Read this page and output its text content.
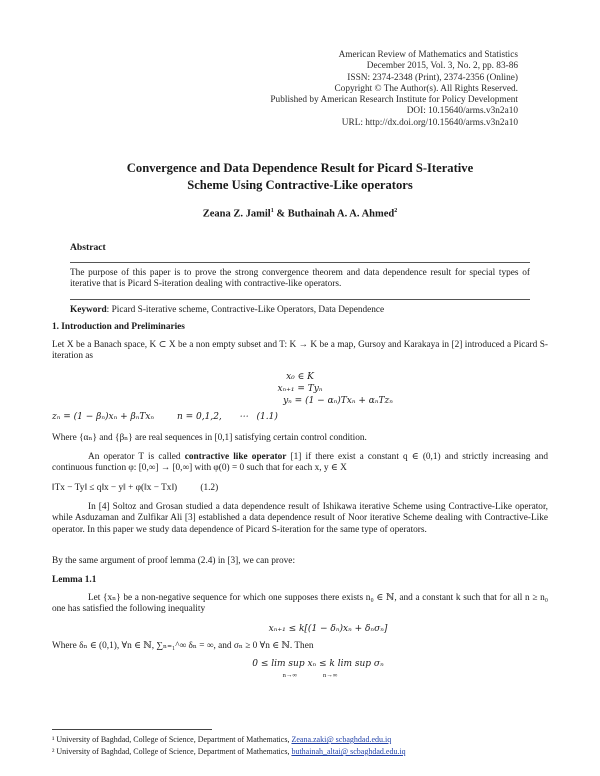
American Review of Mathematics and Statistics
December 2015, Vol. 3, No. 2, pp. 83-86
ISSN: 2374-2348 (Print), 2374-2356 (Online)
Copyright © The Author(s). All Rights Reserved.
Published by American Research Institute for Policy Development
DOI: 10.15640/arms.v3n2a10
URL: http://dx.doi.org/10.15640/arms.v3n2a10
Convergence and Data Dependence Result for Picard S-Iterative
Scheme Using Contractive-Like operators
Zeana Z. Jamil$^1$ & Buthainah A. A. Ahmed$^2$
Abstract
The purpose of this paper is to prove the strong convergence theorem and data dependence result for special types of iterative that is Picard S-iteration dealing with contractive-like operators.
Keyword: Picard S-iterative scheme, Contractive-Like Operators, Data Dependence
1. Introduction and Preliminaries
Let X be a Banach space, K ⊂ X be a non empty subset and T: K → K be a map, Gursoy and Karakaya in [2] introduced a Picard S-iteration as
x₀ ∈ K
xₙ₊₁ = Tyₙ
yₙ = (1 − αₙ)Txₙ + αₙTzₙ
zₙ = (1 − βₙ)xₙ + βₙTxₙ        n = 0,1,2,      ⋯   (1.1)
Where {αₙ} and {βₙ} are real sequences in [0,1] satisfying certain control condition.
An operator T is called contractive like operator [1] if there exist a constant q ∈ (0,1) and strictly increasing and continuous function φ: [0,∞] → [0,∞] with φ(0) = 0 such that for each x, y ∈ X
‖Tx − Ty‖ ≤ q‖x − y‖ + φ(‖x − Tx‖)          (1.2)
In [4] Soltoz and Grosan studied a data dependence result of Ishikawa iterative Scheme using Contractive-Like operator, while Asduzaman and Zulfikar Ali [3] established a data dependence result of Noor iterative Scheme dealing with Contractive-Like operator. In this paper we study data dependence of Picard S-iteration for the same type of operators.
By the same argument of proof lemma (2.4) in [3], we can prove:
Lemma 1.1
Let {xₙ} be a non-negative sequence for which one supposes there exists n₀ ∈ ℕ, and a constant k such that for all n ≥ n₀ one has satisfied the following inequality
xₙ₊₁ ≤ k[(1 − δₙ)xₙ + δₙσₙ]
Where δₙ ∈ (0,1), ∀n ∈ ℕ, ∑ₙ₌₁^∞ δₙ = ∞, and σₙ ≥ 0 ∀n ∈ ℕ. Then
0 ≤ lim sup xₙ ≤ k lim sup σₙ
n→∞                n→∞
¹ University of Baghdad, College of Science, Department of Mathematics, Zeana.zaki@ scbaghdad.edu.iq
² University of Baghdad, College of Science, Department of Mathematics, buthainah_altai@ scbaghdad.edu.iq
